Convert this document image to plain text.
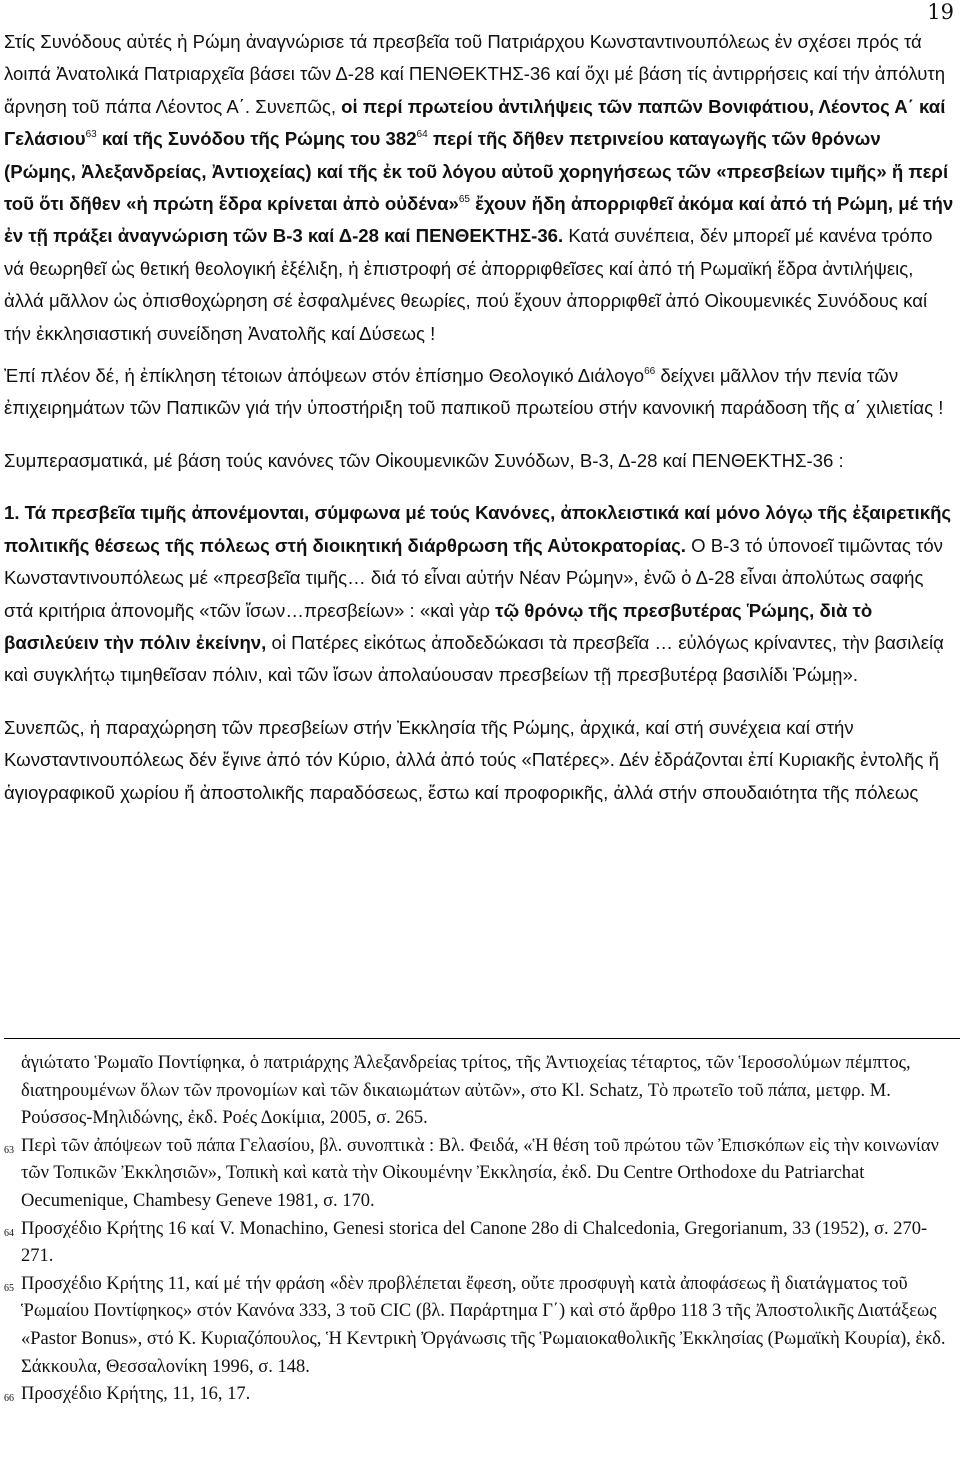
19

Στίς Συνόδους αὐτές ἡ Ρώμη ἀναγνώρισε τά πρεσβεῖα τοῦ Πατριάρχου Κωνσταντινουπόλεως ἐν σχέσει πρός τά λοιπά Ἀνατολικά Πατριαρχεῖα βάσει τῶν Δ-28 καί ΠΕΝΘΕΚΤΗΣ-36 καί ὄχι μέ βάση τίς ἀντιρρήσεις καί τήν ἀπόλυτη ἄρνηση τοῦ πάπα Λέοντος Α΄. Συνεπῶς, οἱ περί πρωτείου ἀντιλήψεις τῶν παπῶν Βονιφάτιου, Λέοντος Α΄ καί Γελάσιου$^{63}$ καί τῆς Συνόδου τῆς Ρώμης του $382^{64}$ περί τῆς δῆθεν πετρινείου καταγωγῆς τῶν θρόνων (Ρώμης, Ἀλεξανδρείας, Ἀντιοχείας) καί τῆς ἐκ τοῦ λόγου αὐτοῦ χορηγήσεως τῶν «πρεσβείων τιμῆς» ἤ περί τοῦ ὅτι δῆθεν «ἡ πρώτη ἕδρα κρίνεται ἀπὸ οὐδένα»$^{65}$ ἔχουν ἤδη ἀπορριφθεῖ ἀκόμα καί ἀπό τή Ρώμη, μέ τήν ἐν τῇ πράξει ἀναγνώριση τῶν Β-3 καί Δ-28 καί ΠΕΝΘΕΚΤΗΣ-36. Κατά συνέπεια, δέν μπορεῖ μέ κανένα τρόπο νά θεωρηθεῖ ὡς θετική θεολογική ἐξέλιξη, ἡ ἐπιστροφή σέ ἀπορριφθεῖσες καί ἀπό τή Ρωμαϊκή ἕδρα ἀντιλήψεις, ἀλλά μᾶλλον ὡς ὀπισθοχώρηση σέ ἐσφαλμένες θεωρίες, πού ἔχουν ἀπορριφθεῖ ἀπό Οἰκουμενικές Συνόδους καί τήν ἐκκλησιαστική συνείδηση Ἀνατολῆς καί Δύσεως !

Ἐπί πλέον δέ, ἡ ἐπίκληση τέτοιων ἀπόψεων στόν ἐπίσημο Θεολογικό Διάλογο$^{66}$ δείχνει μᾶλλον τήν πενία τῶν ἐπιχειρημάτων τῶν Παπικῶν γιά τήν ὑποστήριξη τοῦ παπικοῦ πρωτείου στήν κανονική παράδοση τῆς α΄ χιλιετίας !

Συμπερασματικά, μέ βάση τούς κανόνες τῶν Οἰκουμενικῶν Συνόδων, Β-3, Δ-28 καί ΠΕΝΘΕΚΤΗΣ-36 :

1. Τά πρεσβεῖα τιμῆς ἀπονέμονται, σύμφωνα μέ τούς Κανόνες, ἀποκλειστικά καί μόνο λόγῳ τῆς ἐξαιρετικῆς πολιτικῆς θέσεως τῆς πόλεως στή διοικητική διάρθρωση τῆς Αὐτοκρατορίας. Ο Β-3 τό ὑπονοεῖ τιμῶντας τόν Κωνσταντινουπόλεως μέ «πρεσβεῖα τιμῆς… διά τό εἶναι αὐτήν Νέαν Ρώμην», ἐνῶ ὁ Δ-28 εἶναι ἀπολύτως σαφής στά κριτήρια ἀπονομῆς «τῶν ἴσων…πρεσβείων» : «καὶ γὰρ τῷ θρόνῳ τῆς πρεσβυτέρας Ῥώμης, διὰ τὸ βασιλεύειν τὴν πόλιν ἐκείνην, οἱ Πατέρες εἰκότως ἀποδεδώκασι τὰ πρεσβεῖα … εὐλόγως κρίναντες, τὴν βασιλείᾳ καὶ συγκλήτῳ τιμηθεῖσαν πόλιν, καὶ τῶν ἴσων ἀπολαύουσαν πρεσβείων τῇ πρεσβυτέρᾳ βασιλίδι Ῥώμῃ».

Συνεπῶς, ἡ παραχώρηση τῶν πρεσβείων στήν Ἐκκλησία τῆς Ρώμης, ἀρχικά, καί στή συνέχεια καί στήν Κωνσταντινουπόλεως δέν ἔγινε ἀπό τόν Κύριο, ἀλλά ἀπό τούς «Πατέρες». Δέν ἑδράζονται ἐπί Κυριακῆς ἐντολῆς ἤ ἁγιογραφικοῦ χωρίου ἤ ἀποστολικῆς παραδόσεως, ἔστω καί προφορικῆς, ἀλλά στήν σπουδαιότητα τῆς πόλεως

ἁγιώτατο Ῥωμαῖο Ποντίφηκα, ὁ πατριάρχης Ἀλεξανδρείας τρίτος, τῆς Ἀντιοχείας τέταρτος, τῶν Ἱεροσολύμων πέμπτος, διατηρουμένων ὅλων τῶν προνομίων καὶ τῶν δικαιωμάτων αὐτῶν», στο Kl. Schatz, Τὸ πρωτεῖο τοῦ πάπα, μετφρ. Μ. Ρούσσος-Μηλιδώνης, ἐκδ. Ροές Δοκίμια, 2005, σ. 265.

63 Περὶ τῶν ἀπόψεων τοῦ πάπα Γελασίου, βλ. συνοπτικὰ : Βλ. Φειδά, «Ἡ θέση τοῦ πρώτου τῶν Ἐπισκόπων εἰς τὴν κοινωνίαν τῶν Τοπικῶν Ἐκκλησιῶν», Τοπικὴ καὶ κατὰ τὴν Οἰκουμένην Ἐκκλησία, ἐκδ. Du Centre Orthodoxe du Patriarchat Oecumenique, Chambesy Geneve 1981, σ. 170.

64 Προσχέδιο Κρήτης 16 καί V. Monachino, Genesi storica del Canone 28o di Chalcedonia, Gregorianum, 33 (1952), σ. 270-271.

65 Προσχέδιο Κρήτης 11, καί μέ τήν φράση «δὲν προβλέπεται ἔφεση, οὔτε προσφυγὴ κατὰ ἀποφάσεως ἢ διατάγματος τοῦ Ῥωμαίου Ποντίφηκος» στόν Κανόνα 333, 3 τοῦ CIC (βλ. Παράρτημα Γ΄) καὶ στό ἄρθρο 118 3 τῆς Ἀποστολικῆς Διατάξεως «Pastor Bonus», στό Κ. Κυριαζόπουλος, Ἡ Κεντρικὴ Ὀργάνωσις τῆς Ῥωμαιοκαθολικῆς Ἐκκλησίας (Ρωμαϊκὴ Κουρία), ἐκδ. Σάκκουλα, Θεσσαλονίκη 1996, σ. 148.

66 Προσχέδιο Κρήτης, 11, 16, 17.
